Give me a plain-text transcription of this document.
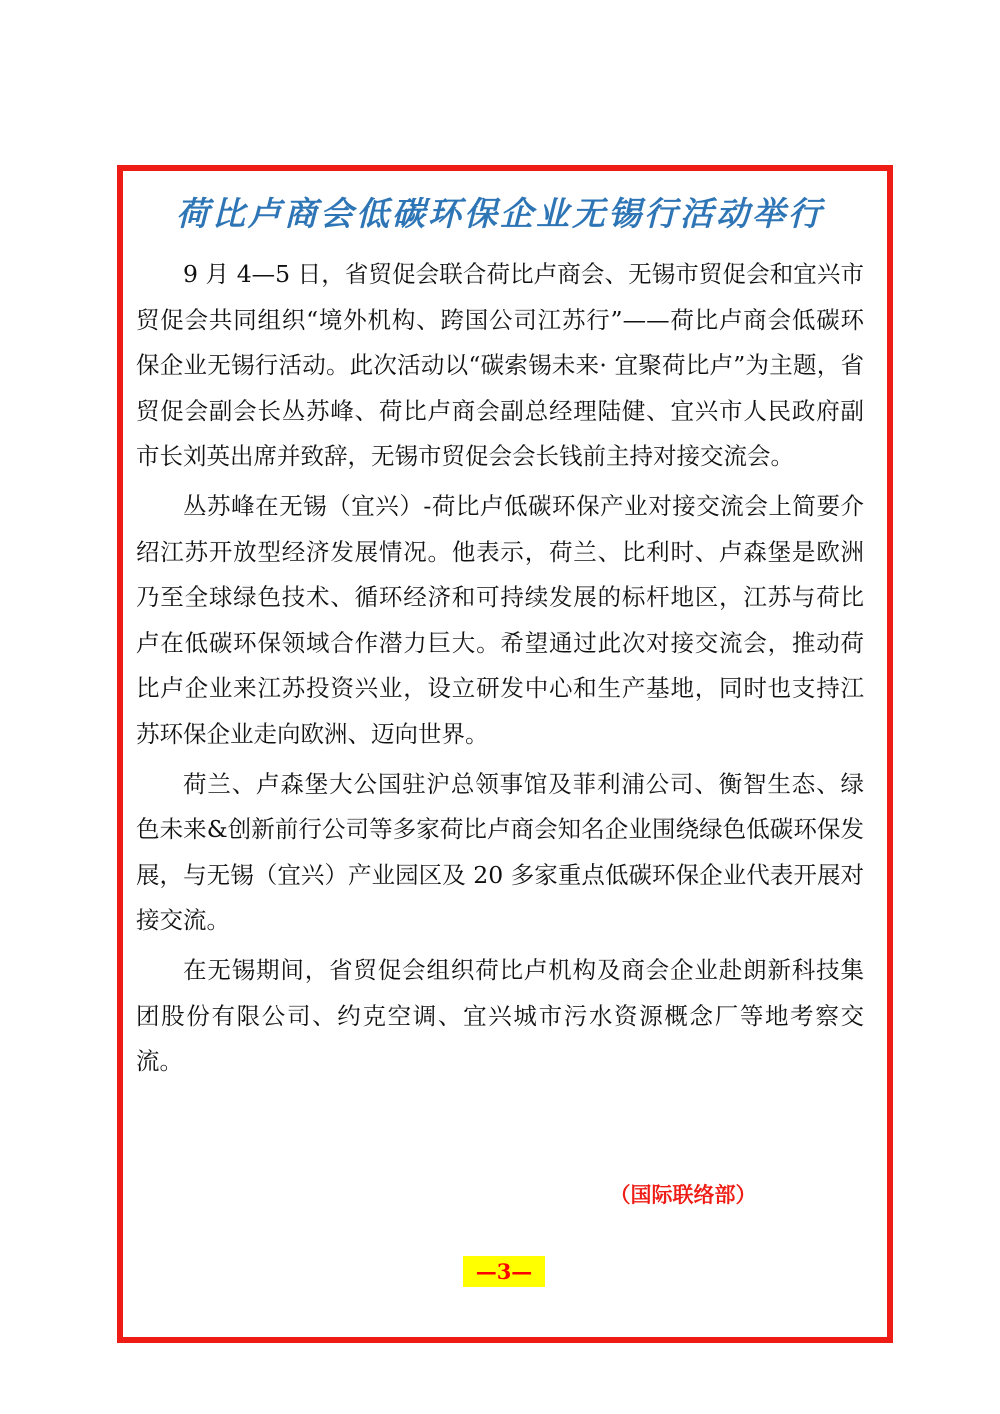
荷比卢商会低碳环保企业无锡行活动举行

9 月 4—5 日，省贸促会联合荷比卢商会、无锡市贸促会和宜兴市贸促会共同组织“境外机构、跨国公司江苏行”——荷比卢商会低碳环保企业无锡行活动。此次活动以“碳索锡未来· 宜聚荷比卢”为主题，省贸促会副会长丛苏峰、荷比卢商会副总经理陆健、宜兴市人民政府副市长刘英出席并致辞，无锡市贸促会会长钱前主持对接交流会。

丛苏峰在无锡（宜兴）-荷比卢低碳环保产业对接交流会上简要介绍江苏开放型经济发展情况。他表示，荷兰、比利时、卢森堡是欧洲乃至全球绿色技术、循环经济和可持续发展的标杆地区，江苏与荷比卢在低碳环保领域合作潜力巨大。希望通过此次对接交流会，推动荷比卢企业来江苏投资兴业，设立研发中心和生产基地，同时也支持江苏环保企业走向欧洲、迈向世界。

荷兰、卢森堡大公国驻沪总领事馆及菲利浦公司、衡智生态、绿色未来&创新前行公司等多家荷比卢商会知名企业围绕绿色低碳环保发展，与无锡（宜兴）产业园区及 20 多家重点低碳环保企业代表开展对接交流。

在无锡期间，省贸促会组织荷比卢机构及商会企业赴朗新科技集团股份有限公司、约克空调、宜兴城市污水资源概念厂等地考察交流。

（国际联络部）
—3—
